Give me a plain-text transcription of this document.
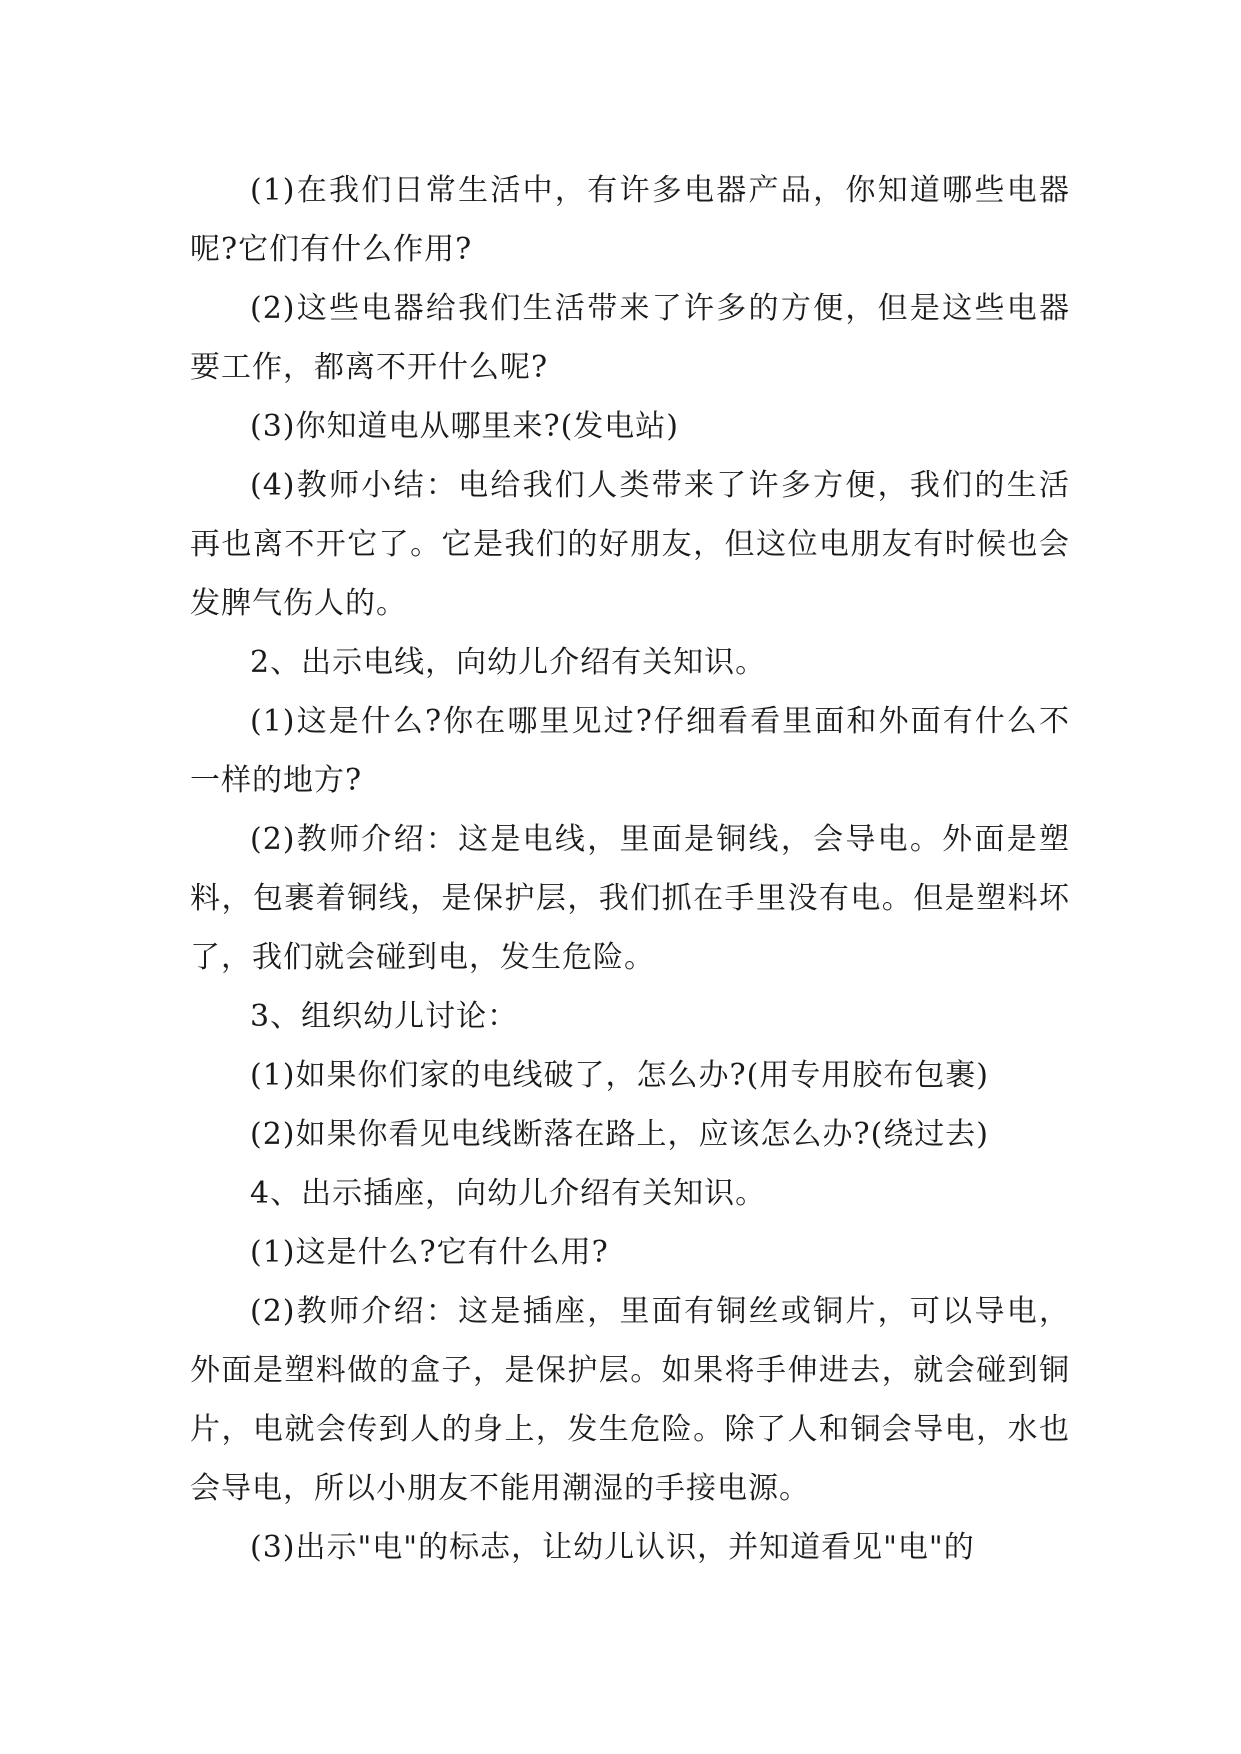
(1)在我们日常生活中，有许多电器产品，你知道哪些电器呢?它们有什么作用?

(2)这些电器给我们生活带来了许多的方便，但是这些电器要工作，都离不开什么呢?

(3)你知道电从哪里来?(发电站)

(4)教师小结：电给我们人类带来了许多方便，我们的生活再也离不开它了。它是我们的好朋友，但这位电朋友有时候也会发脾气伤人的。

2、出示电线，向幼儿介绍有关知识。

(1)这是什么?你在哪里见过?仔细看看里面和外面有什么不一样的地方?

(2)教师介绍：这是电线，里面是铜线，会导电。外面是塑料，包裹着铜线，是保护层，我们抓在手里没有电。但是塑料坏了，我们就会碰到电，发生危险。

3、组织幼儿讨论：

(1)如果你们家的电线破了，怎么办?(用专用胶布包裹)

(2)如果你看见电线断落在路上，应该怎么办?(绕过去)

4、出示插座，向幼儿介绍有关知识。

(1)这是什么?它有什么用?

(2)教师介绍：这是插座，里面有铜丝或铜片，可以导电，外面是塑料做的盒子，是保护层。如果将手伸进去，就会碰到铜片，电就会传到人的身上，发生危险。除了人和铜会导电，水也会导电，所以小朋友不能用潮湿的手接电源。

(3)出示"电"的标志，让幼儿认识，并知道看见"电"的
